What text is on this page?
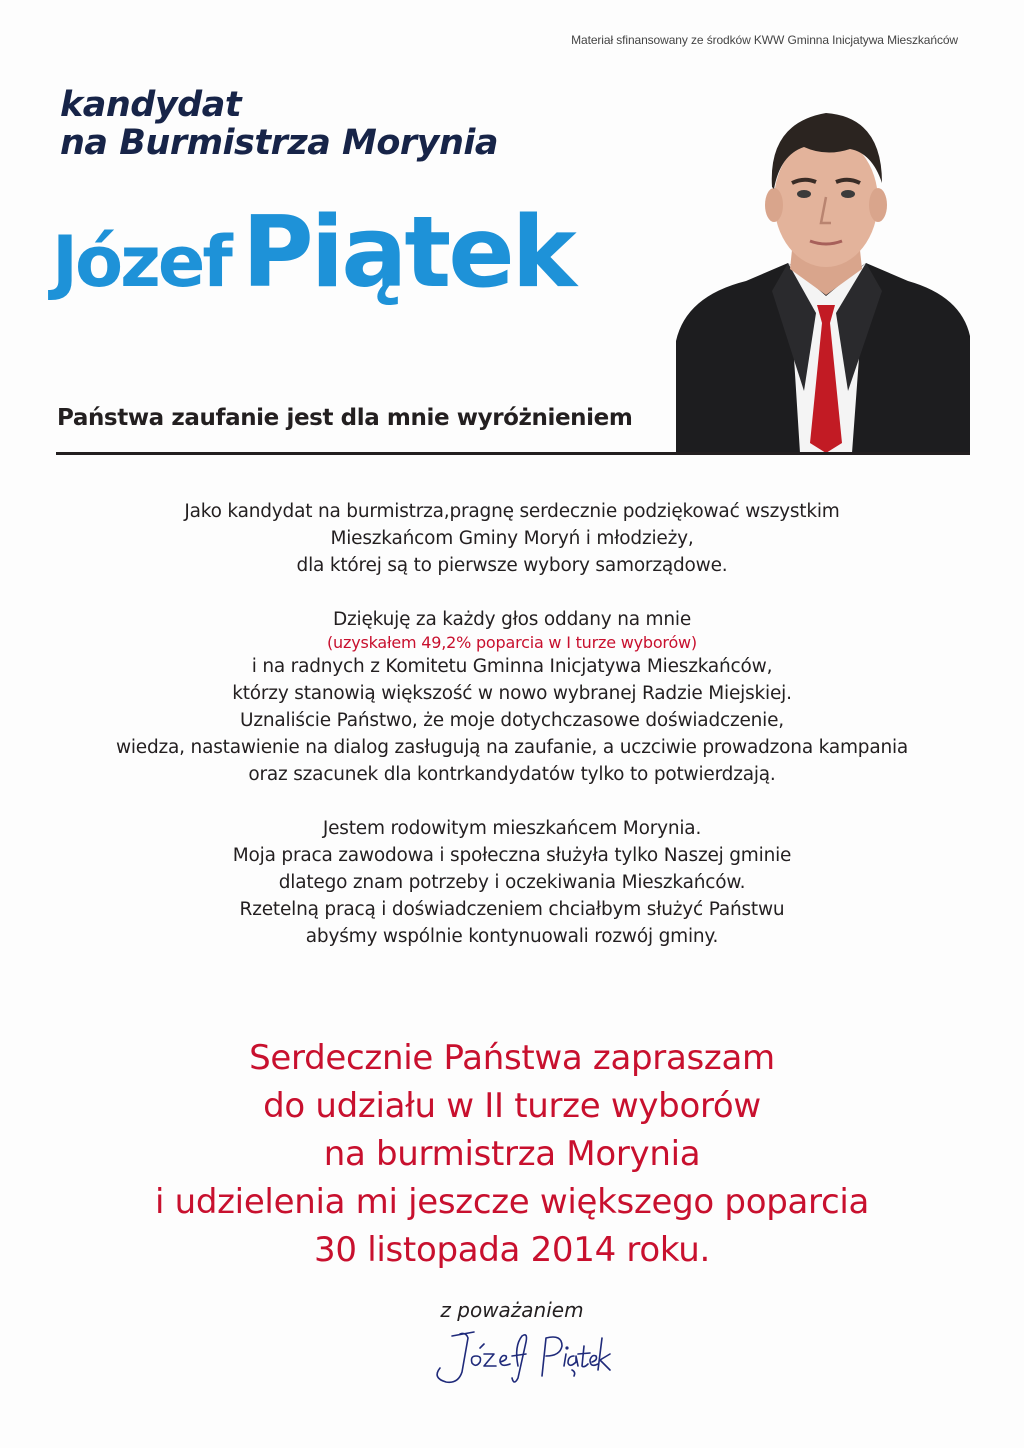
Materiał sfinansowany ze środków KWW Gminna Inicjatywa Mieszkańców
kandydat
na Burmistrza Morynia
Józef Piątek
Państwa zaufanie jest dla mnie wyróżnieniem
Jako kandydat na burmistrza,pragnę serdecznie podziękować wszystkim
Mieszkańcom Gminy Moryń i młodzieży,
dla której są to pierwsze wybory samorządowe.
Dziękuję za każdy głos oddany na mnie
(uzyskałem 49,2% poparcia w I turze wyborów)
i na radnych z Komitetu Gminna Inicjatywa Mieszkańców,
którzy stanowią większość w nowo wybranej Radzie Miejskiej.
Uznaliście Państwo, że moje dotychczasowe doświadczenie,
wiedza, nastawienie na dialog zasługują na zaufanie, a uczciwie prowadzona kampania
oraz szacunek dla kontrkandydatów tylko to potwierdzają.
Jestem rodowitym mieszkańcem Morynia.
Moja praca zawodowa i społeczna służyła tylko Naszej gminie
dlatego znam potrzeby i oczekiwania Mieszkańców.
Rzetelną pracą i doświadczeniem chciałbym służyć Państwu
abyśmy wspólnie kontynuowali rozwój gminy.
Serdecznie Państwa zapraszam
do udziału w II turze wyborów
na burmistrza Morynia
i udzielenia mi jeszcze większego poparcia
30 listopada 2014 roku.
z poważaniem
